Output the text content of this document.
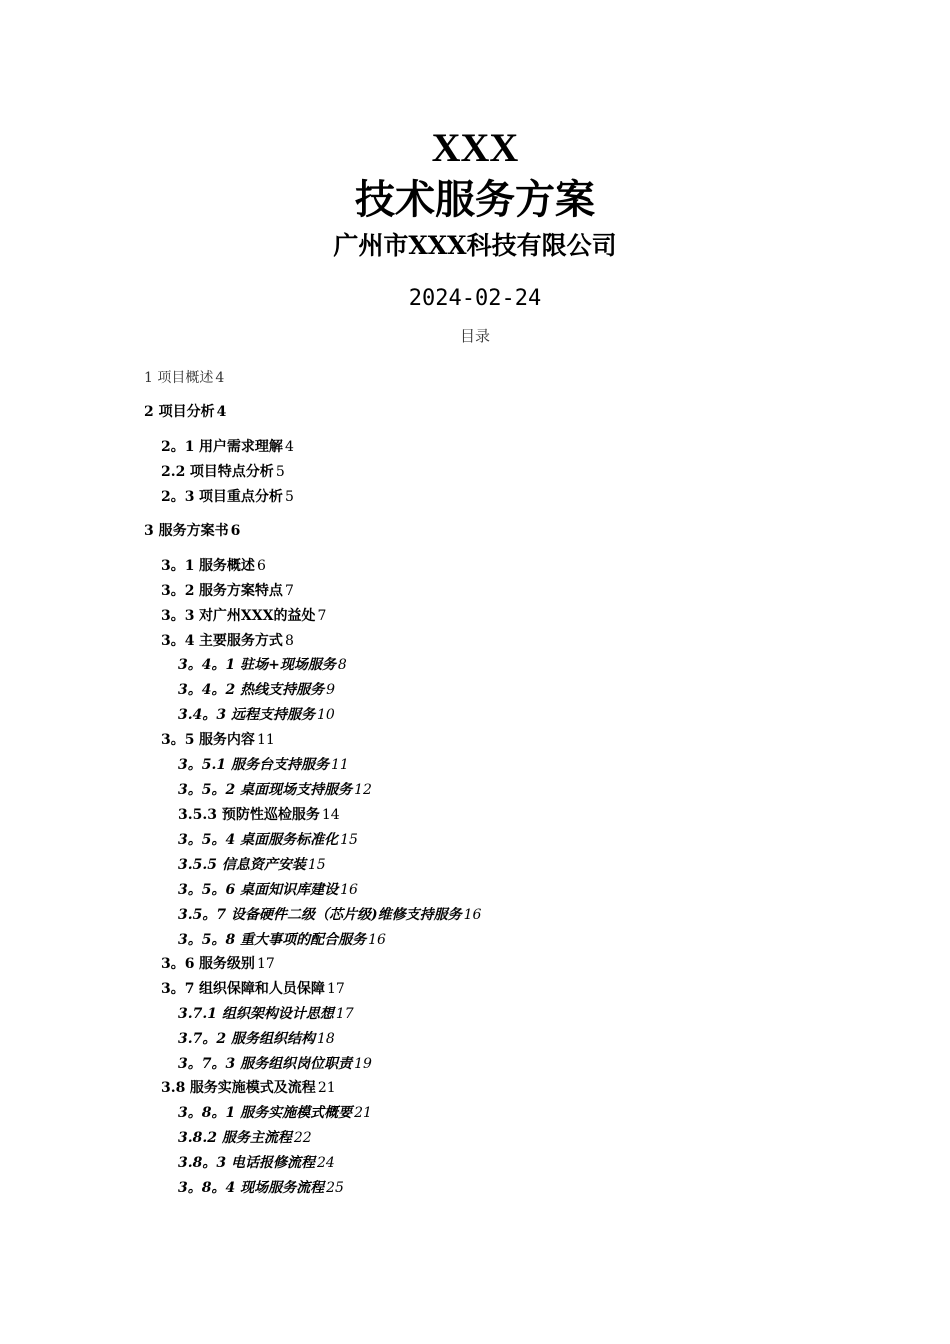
XXX
技术服务方案
广州市XXX科技有限公司
2024-02-24
目录
1 项目概述 4
2 项目分析 4
2。1 用户需求理解 4
2.2 项目特点分析 5
2。3 项目重点分析 5
3 服务方案书 6
3。1 服务概述 6
3。2 服务方案特点 7
3。3 对广州XXX的益处 7
3。4 主要服务方式 8
3。4。1 驻场+现场服务 8
3。4。2 热线支持服务 9
3.4。3 远程支持服务 10
3。5 服务内容 11
3。5.1 服务台支持服务 11
3。5。2 桌面现场支持服务 12
3.5.3 预防性巡检服务 14
3。5。4 桌面服务标准化 15
3.5.5 信息资产安装 15
3。5。6 桌面知识库建设 16
3.5。7 设备硬件二级（芯片级)维修支持服务 16
3。5。8 重大事项的配合服务 16
3。6 服务级别 17
3。7 组织保障和人员保障 17
3.7.1 组织架构设计思想 17
3.7。2 服务组织结构 18
3。7。3 服务组织岗位职责 19
3.8 服务实施模式及流程 21
3。8。1 服务实施模式概要 21
3.8.2 服务主流程 22
3.8。3 电话报修流程 24
3。8。4 现场服务流程 25
